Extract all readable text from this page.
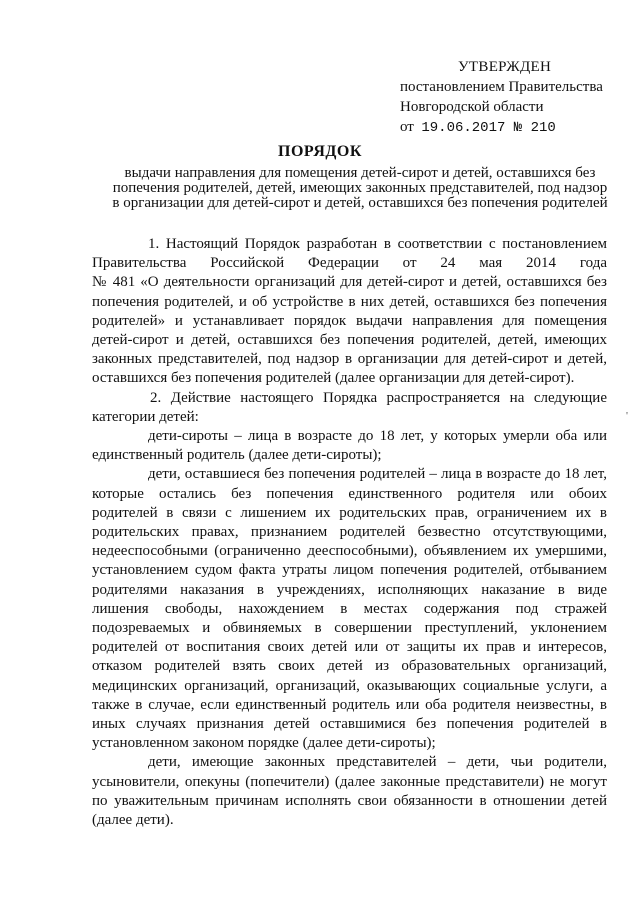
УТВЕРЖДЕН
постановлением Правительства
Новгородской области
от 19.06.2017 № 210
ПОРЯДОК
выдачи направления для помещения детей-сирот и детей, оставшихся без
попечения родителей, детей, имеющих законных представителей, под надзор
в организации для детей-сирот и детей, оставшихся без попечения родителей
1. Настоящий Порядок разработан в соответствии с постановлением
Правительства Российской Федерации от 24 мая 2014 года
№ 481 «О деятельности организаций для детей-сирот и детей, оставшихся без
попечения родителей, и об устройстве в них детей, оставшихся без попечения
родителей» и устанавливает порядок выдачи направления для помещения
детей-сирот и детей, оставшихся без попечения родителей, детей, имеющих
законных представителей, под надзор в организации для детей-сирот и детей,
оставшихся без попечения родителей (далее организации для детей-сирот).
2. Действие настоящего Порядка распространяется на следующие
категории детей:
дети-сироты – лица в возрасте до 18 лет, у которых умерли оба или
единственный родитель (далее дети-сироты);
дети, оставшиеся без попечения родителей – лица в возрасте до 18 лет,
которые остались без попечения единственного родителя или обоих
родителей в связи с лишением их родительских прав, ограничением их в
родительских правах, признанием родителей безвестно отсутствующими,
недееспособными (ограниченно дееспособными), объявлением их умершими,
установлением судом факта утраты лицом попечения родителей, отбыванием
родителями наказания в учреждениях, исполняющих наказание в виде
лишения свободы, нахождением в местах содержания под стражей
подозреваемых и обвиняемых в совершении преступлений, уклонением
родителей от воспитания своих детей или от защиты их прав и интересов,
отказом родителей взять своих детей из образовательных организаций,
медицинских организаций, организаций, оказывающих социальные услуги, а
также в случае, если единственный родитель или оба родителя неизвестны, в
иных случаях признания детей оставшимися без попечения родителей в
установленном законом порядке (далее дети-сироты);
дети, имеющие законных представителей – дети, чьи родители,
усыновители, опекуны (попечители) (далее законные представители) не могут
по уважительным причинам исполнять свои обязанности в отношении детей
(далее дети).
'
